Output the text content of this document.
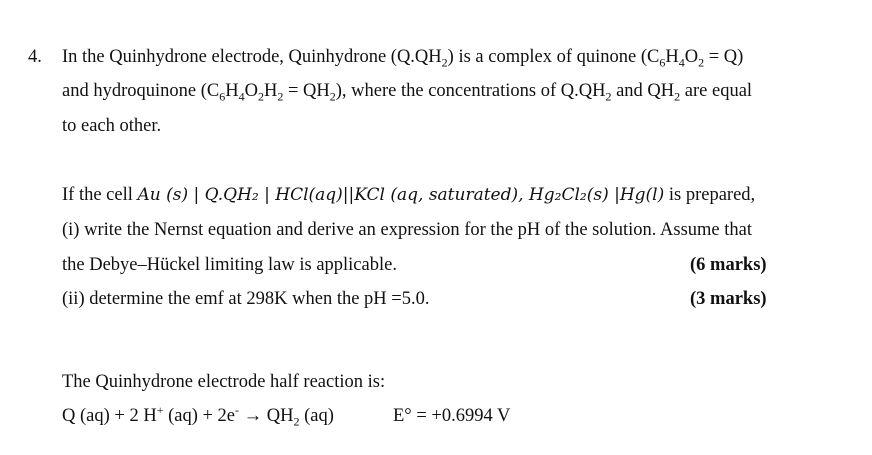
4. In the Quinhydrone electrode, Quinhydrone $(Q.QH_2)$ is a complex of quinone $(C_6H_4O_2 = Q)$
and hydroquinone $(C_6H_4O_2H_2 = QH_2)$, where the concentrations of $Q.QH_2$ and $QH_2$ are equal
to each other.
If the cell Au (s) | Q.QH₂ | HCl(aq)||KCl (aq, saturated), Hg₂Cl₂(s) |Hg(l) is prepared,
(i) write the Nernst equation and derive an expression for the pH of the solution. Assume that
the Debye–Hückel limiting law is applicable.	(6 marks)
(ii) determine the emf at 298K when the pH =5.0.	(3 marks)
The Quinhydrone electrode half reaction is:
Q (aq) + 2 H+ $(aq) + 2e^- \to QH_2$ (aq)	E° = +0.6994 V
